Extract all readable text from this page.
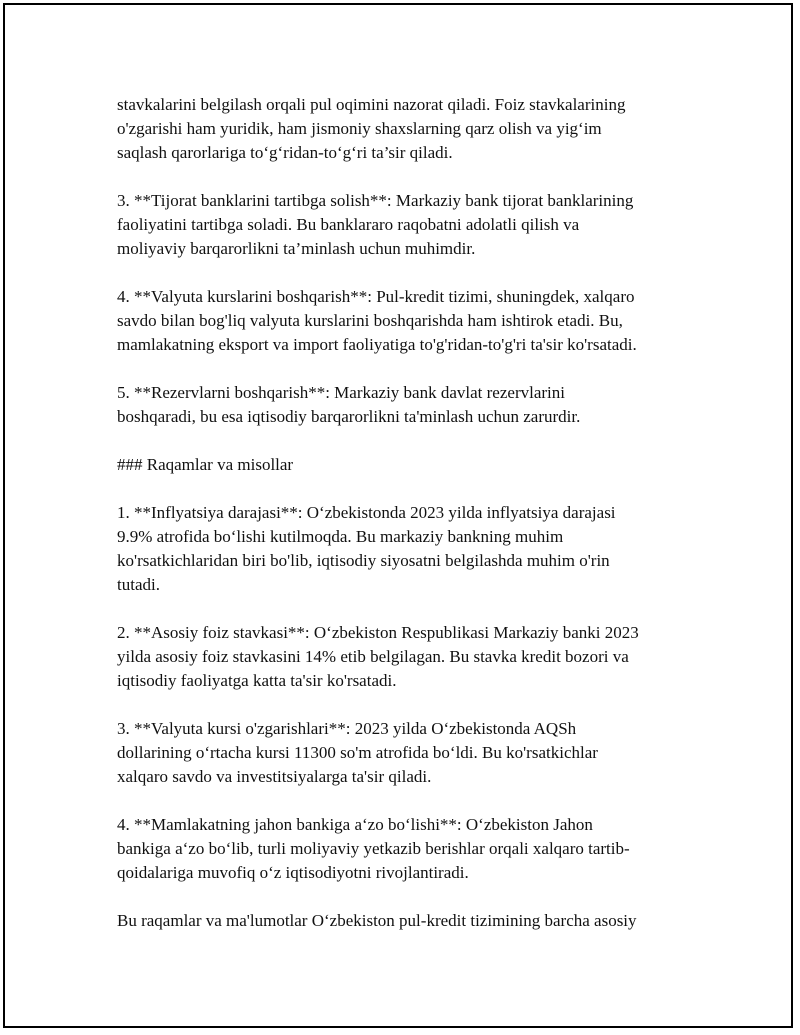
stavkalarini belgilash orqali pul oqimini nazorat qiladi. Foiz stavkalarining
o'zgarishi ham yuridik, ham jismoniy shaxslarning qarz olish va yig‘im
saqlash qarorlariga to‘g‘ridan-to‘g‘ri ta’sir qiladi.

3. **Tijorat banklarini tartibga solish**: Markaziy bank tijorat banklarining
faoliyatini tartibga soladi. Bu banklararo raqobatni adolatli qilish va
moliyaviy barqarorlikni ta’minlash uchun muhimdir.

4. **Valyuta kurslarini boshqarish**: Pul-kredit tizimi, shuningdek, xalqaro
savdo bilan bog'liq valyuta kurslarini boshqarishda ham ishtirok etadi. Bu,
mamlakatning eksport va import faoliyatiga to'g'ridan-to'g'ri ta'sir ko'rsatadi.

5. **Rezervlarni boshqarish**: Markaziy bank davlat rezervlarini
boshqaradi, bu esa iqtisodiy barqarorlikni ta'minlash uchun zarurdir.

### Raqamlar va misollar

1. **Inflyatsiya darajasi**: O‘zbekistonda 2023 yilda inflyatsiya darajasi
9.9% atrofida bo‘lishi kutilmoqda. Bu markaziy bankning muhim
ko'rsatkichlaridan biri bo'lib, iqtisodiy siyosatni belgilashda muhim o'rin
tutadi.

2. **Asosiy foiz stavkasi**: O‘zbekiston Respublikasi Markaziy banki 2023
yilda asosiy foiz stavkasini 14% etib belgilagan. Bu stavka kredit bozori va
iqtisodiy faoliyatga katta ta'sir ko'rsatadi.

3. **Valyuta kursi o'zgarishlari**: 2023 yilda O‘zbekistonda AQSh
dollarining o‘rtacha kursi 11300 so'm atrofida bo‘ldi. Bu ko'rsatkichlar
xalqaro savdo va investitsiyalarga ta'sir qiladi.

4. **Mamlakatning jahon bankiga a‘zo bo‘lishi**: O‘zbekiston Jahon
bankiga a‘zo bo‘lib, turli moliyaviy yetkazib berishlar orqali xalqaro tartib-
qoidalariga muvofiq o‘z iqtisodiyotni rivojlantiradi.

Bu raqamlar va ma'lumotlar O‘zbekiston pul-kredit tizimining barcha asosiy
